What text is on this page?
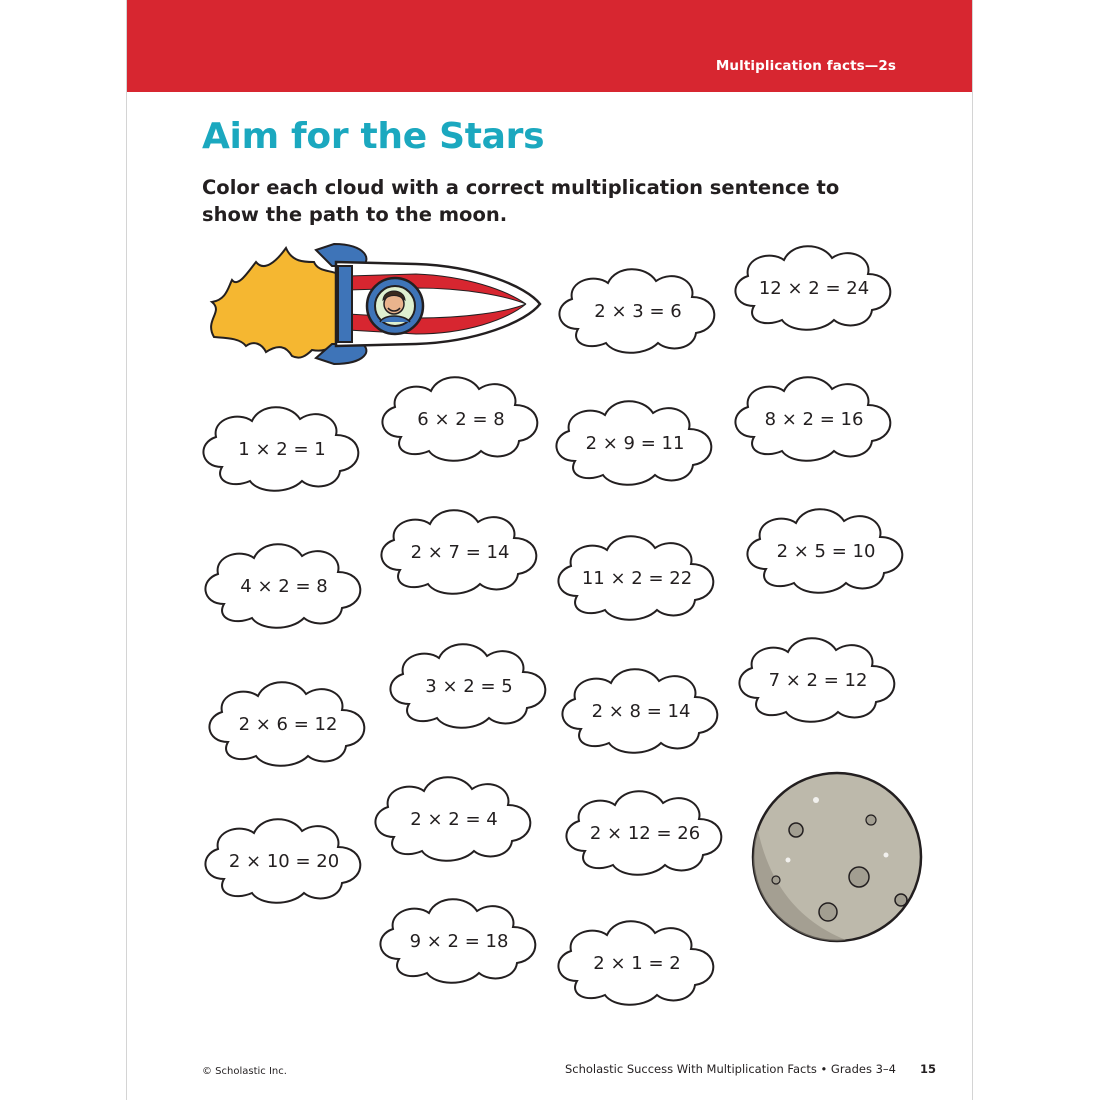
Multiplication facts—2s
Aim for the Stars

Color each cloud with a correct multiplication sentence to show the path to the moon.

2 × 3 = 6
12 × 2 = 24
1 × 2 = 1
6 × 2 = 8
2 × 9 = 11
8 × 2 = 16
4 × 2 = 8
2 × 7 = 14
11 × 2 = 22
2 × 5 = 10
2 × 6 = 12
3 × 2 = 5
2 × 8 = 14
7 × 2 = 12
2 × 10 = 20
2 × 2 = 4
2 × 12 = 26
9 × 2 = 18
2 × 1 = 2
© Scholastic Inc.	Scholastic Success With Multiplication Facts • Grades 3–4 15
